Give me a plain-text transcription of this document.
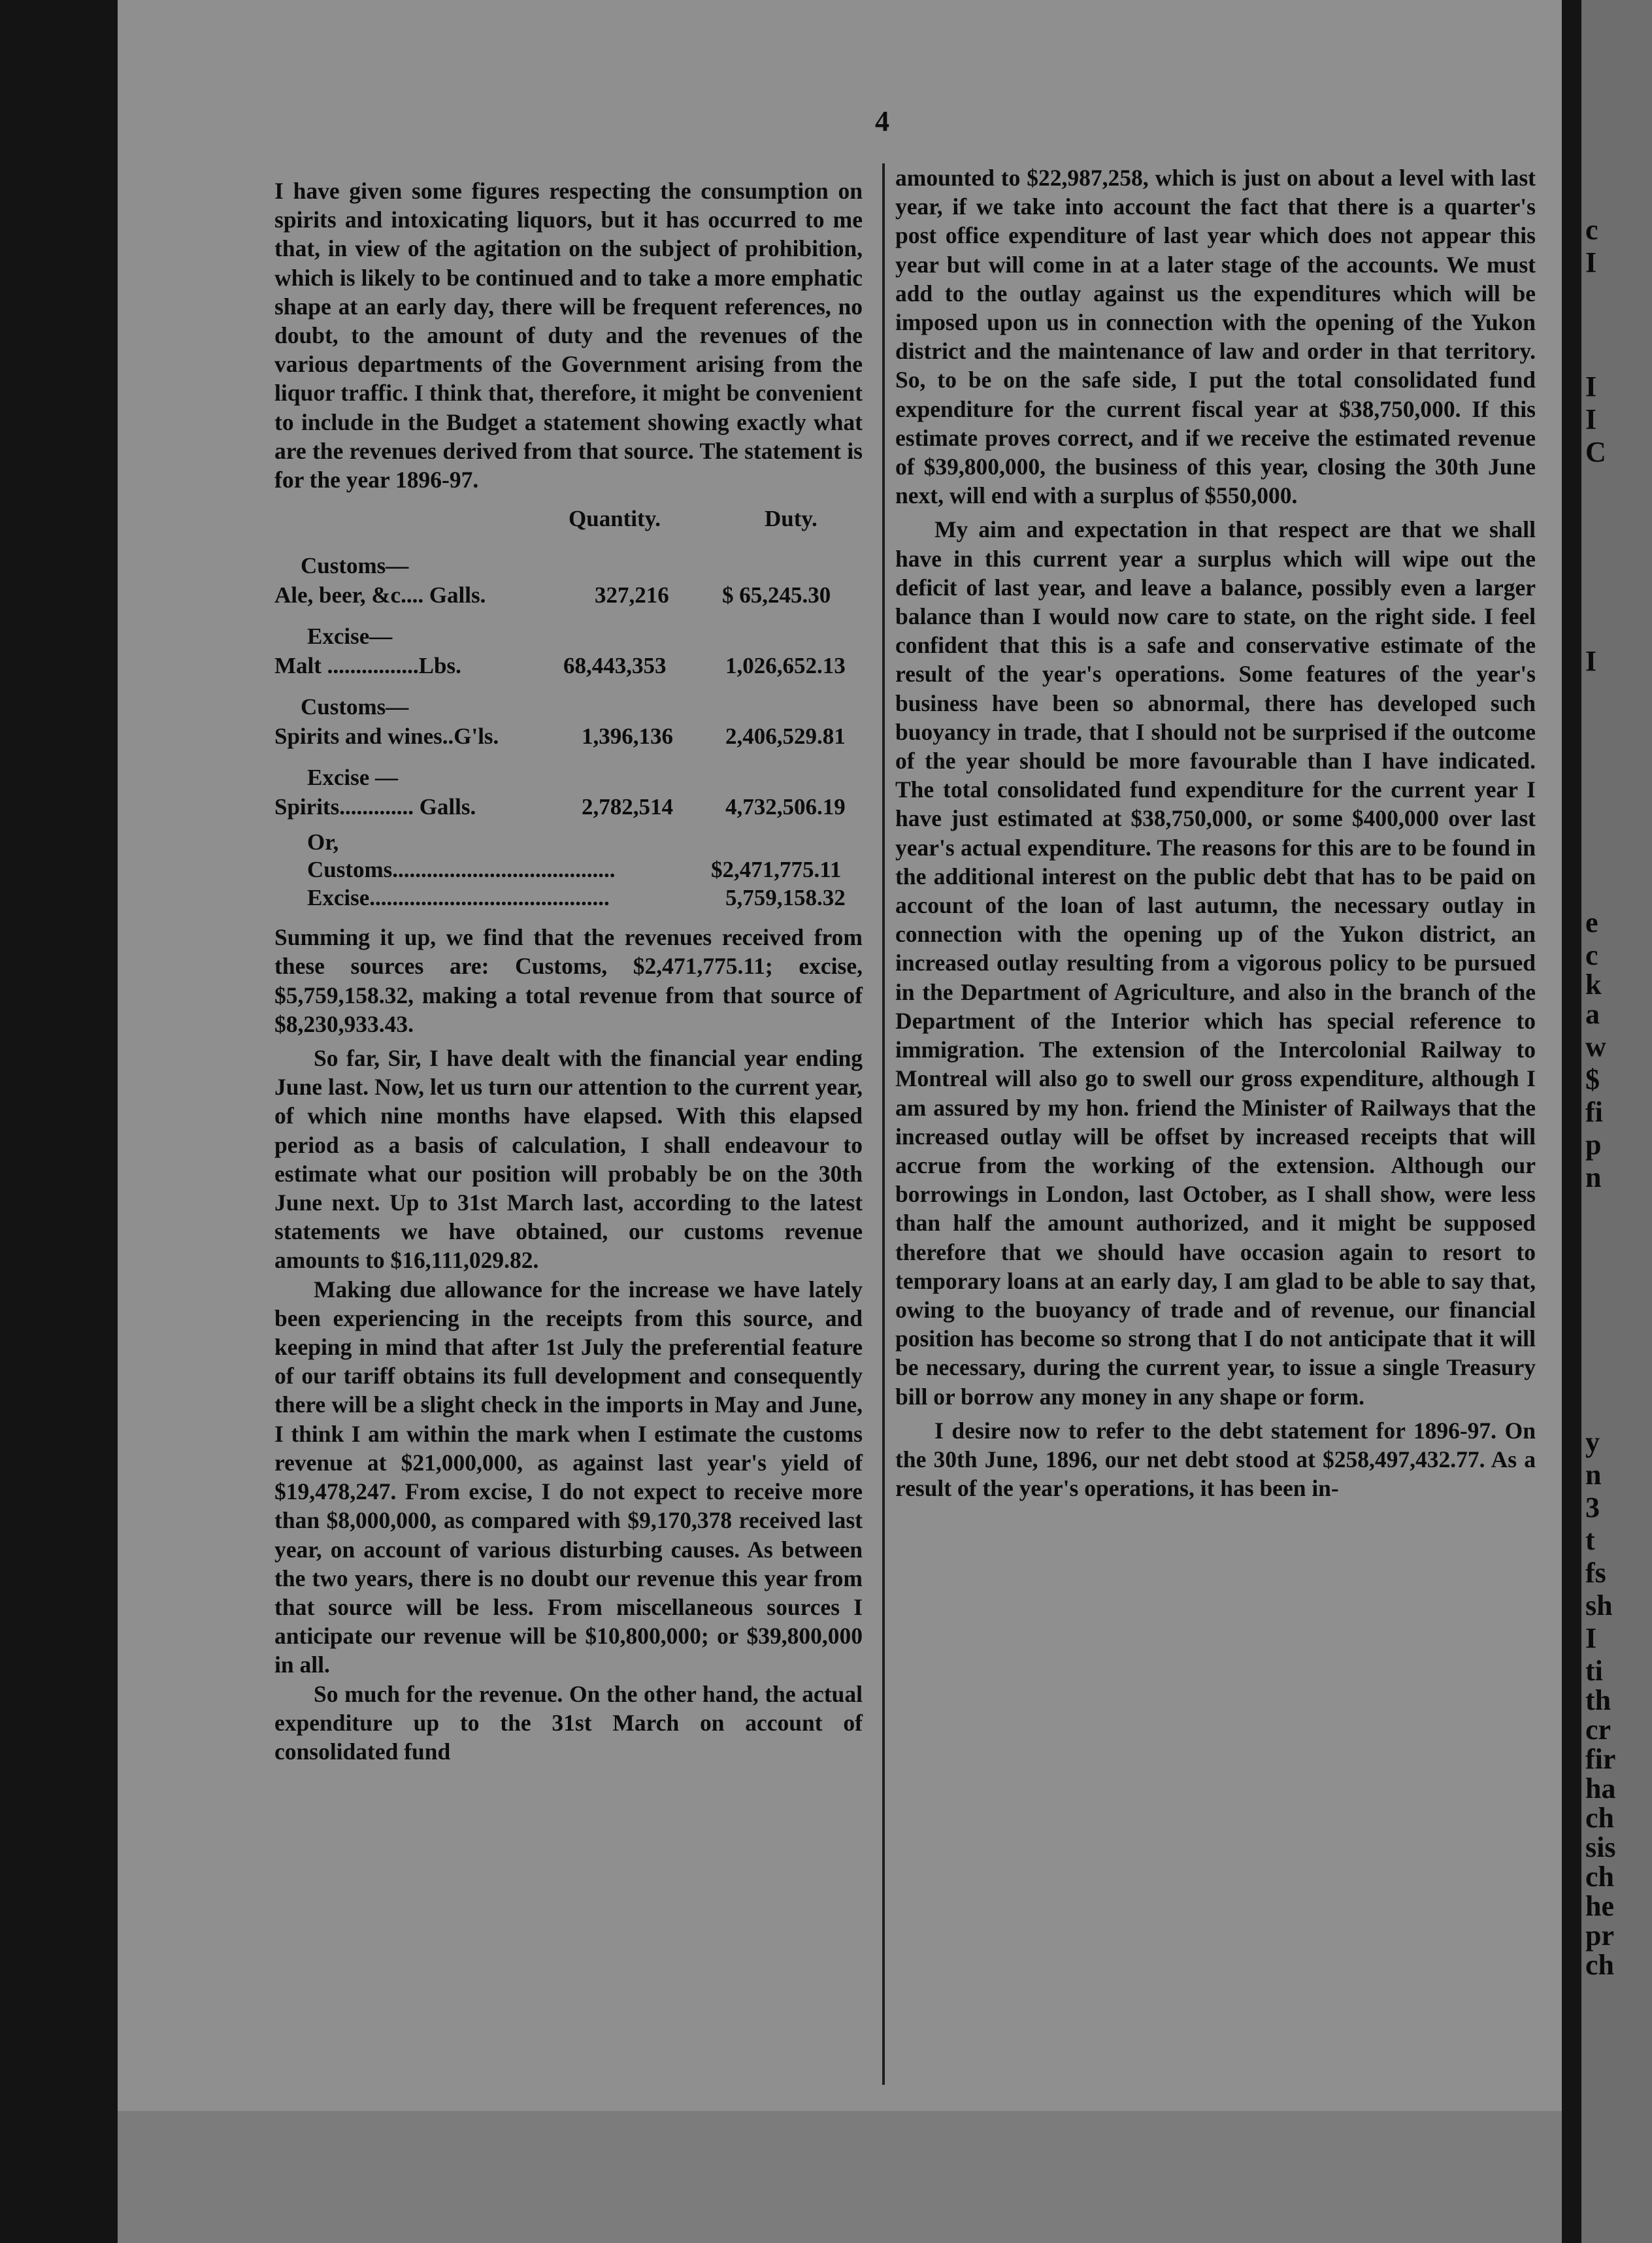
c
I
I
I
C
I
e
c
k
a
w
$
fi
p
n
y
n
3
t
fs
sh
I
ti
th
cr
fir
ha
ch
sis
ch
he
pr
ch
4

I have given some figures respecting the consumption on spirits and intoxicating liquors, but it has occurred to me that, in view of the agitation on the subject of prohibition, which is likely to be continued and to take a more emphatic shape at an early day, there will be frequent references, no doubt, to the amount of duty and the revenues of the various departments of the Government arising from the liquor traffic. I think that, therefore, it might be convenient to include in the Budget a statement showing exactly what are the revenues derived from that source. The statement is for the year 1896-97.

Quantity.	Duty.
Customs—
Ale, beer, &c.... Galls.	327,216 $ 65,245.30
Excise—
Malt ................Lbs.	68,443,353	1,026,652.13
Customs—
Spirits and wines..G'ls.	1,396,136 2,406,529.81
Excise —
Spirits............. Galls.	2,782,514 4,732,506.19
Or,
Customs.......................................	$2,471,775.11
Excise..........................................	5,759,158.32

Summing it up, we find that the revenues received from these sources are: Customs, $2,471,775.11; excise, $5,759,158.32, making a total revenue from that source of $8,230,933.43.

So far, Sir, I have dealt with the financial year ending June last. Now, let us turn our attention to the current year, of which nine months have elapsed. With this elapsed period as a basis of calculation, I shall endeavour to estimate what our position will probably be on the 30th June next. Up to 31st March last, according to the latest statements we have obtained, our customs revenue amounts to $16,111,029.82.

Making due allowance for the increase we have lately been experiencing in the receipts from this source, and keeping in mind that after 1st July the preferential feature of our tariff obtains its full development and consequently there will be a slight check in the imports in May and June, I think I am within the mark when I estimate the customs revenue at $21,000,000, as against last year's yield of $19,478,247. From excise, I do not expect to receive more than $8,000,000, as compared with $9,170,378 received last year, on account of various disturbing causes. As between the two years, there is no doubt our revenue this year from that source will be less. From miscellaneous sources I anticipate our revenue will be $10,800,000; or $39,800,000 in all.

So much for the revenue. On the other hand, the actual expenditure up to the 31st March on account of consolidated fund

amounted to $22,987,258, which is just on about a level with last year, if we take into account the fact that there is a quarter's post office expenditure of last year which does not appear this year but will come in at a later stage of the accounts. We must add to the outlay against us the expenditures which will be imposed upon us in connection with the opening of the Yukon district and the maintenance of law and order in that territory. So, to be on the safe side, I put the total consolidated fund expenditure for the current fiscal year at $38,750,000. If this estimate proves correct, and if we receive the estimated revenue of $39,800,000, the business of this year, closing the 30th June next, will end with a surplus of $550,000.

My aim and expectation in that respect are that we shall have in this current year a surplus which will wipe out the deficit of last year, and leave a balance, possibly even a larger balance than I would now care to state, on the right side. I feel confident that this is a safe and conservative estimate of the result of the year's operations. Some features of the year's business have been so abnormal, there has developed such buoyancy in trade, that I should not be surprised if the outcome of the year should be more favourable than I have indicated. The total consolidated fund expenditure for the current year I have just estimated at $38,750,000, or some $400,000 over last year's actual expenditure. The reasons for this are to be found in the additional interest on the public debt that has to be paid on account of the loan of last autumn, the necessary outlay in connection with the opening up of the Yukon district, an increased outlay resulting from a vigorous policy to be pursued in the Department of Agriculture, and also in the branch of the Department of the Interior which has special reference to immigration. The extension of the Intercolonial Railway to Montreal will also go to swell our gross expenditure, although I am assured by my hon. friend the Minister of Railways that the increased outlay will be offset by increased receipts that will accrue from the working of the extension. Although our borrowings in London, last October, as I shall show, were less than half the amount authorized, and it might be supposed therefore that we should have occasion again to resort to temporary loans at an early day, I am glad to be able to say that, owing to the buoyancy of trade and of revenue, our financial position has become so strong that I do not anticipate that it will be necessary, during the current year, to issue a single Treasury bill or borrow any money in any shape or form.

I desire now to refer to the debt statement for 1896-97. On the 30th June, 1896, our net debt stood at $258,497,432.77. As a result of the year's operations, it has been in-
